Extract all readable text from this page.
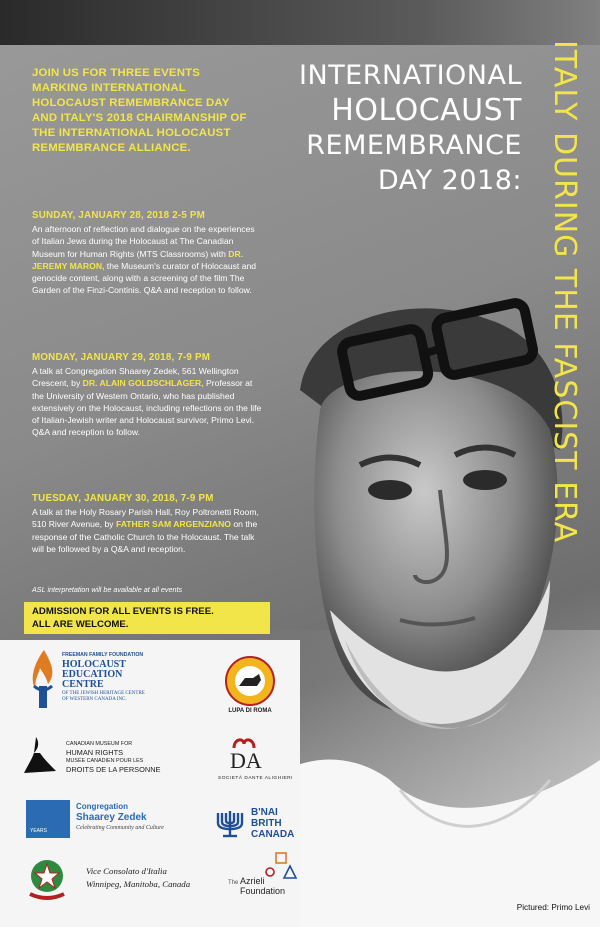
JOIN US FOR THREE EVENTS MARKING INTERNATIONAL HOLOCAUST REMEMBRANCE DAY AND ITALY'S 2018 CHAIRMANSHIP OF THE INTERNATIONAL HOLOCAUST REMEMBRANCE ALLIANCE.
SUNDAY, JANUARY 28, 2018 2-5 PM
An afternoon of reflection and dialogue on the experiences of Italian Jews during the Holocaust at The Canadian Museum for Human Rights (MTS Classrooms) with DR. JEREMY MARON, the Museum's curator of Holocaust and genocide content, along with a screening of the film The Garden of the Finzi-Continis. Q&A and reception to follow.
MONDAY, JANUARY 29, 2018, 7-9 PM
A talk at Congregation Shaarey Zedek, 561 Wellington Crescent, by DR. ALAIN GOLDSCHLAGER, Professor at the University of Western Ontario, who has published extensively on the Holocaust, including reflections on the life of Italian-Jewish writer and Holocaust survivor, Primo Levi. Q&A and reception to follow.
TUESDAY, JANUARY 30, 2018, 7-9 PM
A talk at the Holy Rosary Parish Hall, Roy Poltronetti Room, 510 River Avenue, by FATHER SAM ARGENZIANO on the response of the Catholic Church to the Holocaust. The talk will be followed by a Q&A and reception.
ASL interpretation will be available at all events
ADMISSION FOR ALL EVENTS IS FREE.
ALL ARE WELCOME.
INTERNATIONAL
HOLOCAUST
REMEMBRANCE
DAY 2018: ITALY DURING THE FASCIST ERA
FREEMAN FAMILY FOUNDATION
HOLOCAUST
EDUCATION
CENTRE
OF THE JEWISH HERITAGE CENTRE
OF WESTERN CANADA INC.
LUPA DI ROMA
CANADIAN MUSEUM FOR
HUMAN RIGHTS
MUSÉE CANADIEN POUR LES
DROITS DE LA PERSONNE	DA
SOCIETÀ DANTE ALIGHIERI
YEARS
Congregation
Shaarey Zedek
Celebrating Community and Culture
B'NAI
BRITH
CANADA
Vice Consolato d'Italia
Winnipeg, Manitoba, Canada	The Azrieli
Foundation
Pictured: Primo Levi
